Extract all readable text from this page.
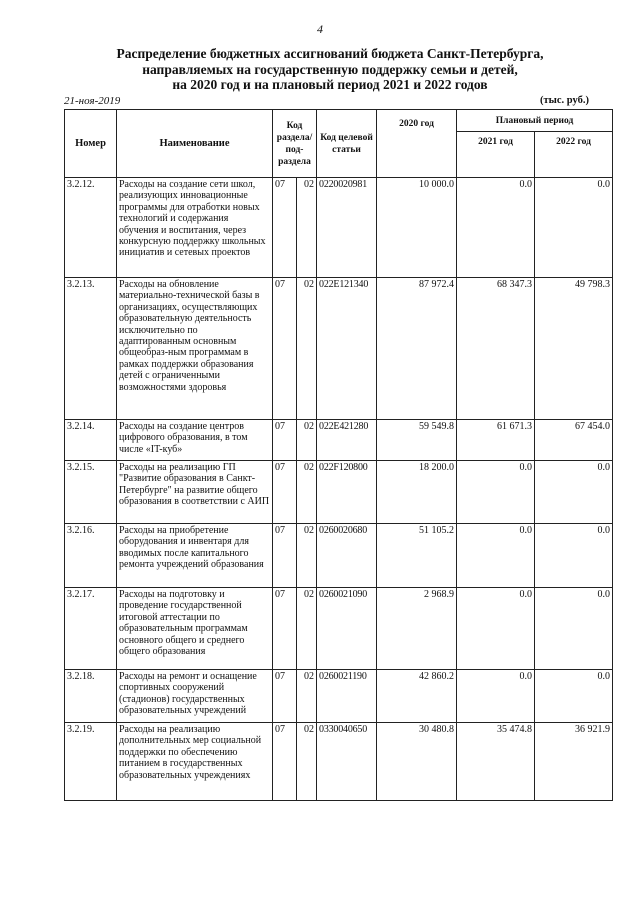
4
Распределение бюджетных ассигнований бюджета Санкт-Петербурга,
направляемых на государственную поддержку семьи и детей,
на 2020 год и на плановый период 2021 и 2022 годов
21-ноя-2019	(тыс. руб.)
Номер	Наименование	Код раздела/ под-раздела		Код целевой статьи	2020 год	Плановый период	
						2021 год	2022 год
3.2.12.	Расходы на создание сети школ, реализующих инновационные программы для отработки новых технологий и содержания обучения и воспитания, через конкурсную поддержку школьных инициатив и сетевых проектов	07	02	0220020981	10 000.0	0.0	0.0
3.2.13.	Расходы на обновление материально-технической базы в организациях, осуществляющих образовательную деятельность исключительно по адаптированным основным общеобраз-ным программам в рамках поддержки образования детей с ограниченными возможностями здоровья	07	02	022E121340	87 972.4	68 347.3	49 798.3
3.2.14.	Расходы на создание центров цифрового образования, в том числе «IT-куб»	07	02	022E421280	59 549.8	61 671.3	67 454.0
3.2.15.	Расходы на реализацию ГП "Развитие образования в Санкт-Петербурге" на развитие общего образования в соответствии с АИП	07	02	022F120800	18 200.0	0.0	0.0
3.2.16.	Расходы на приобретение оборудования и инвентаря для вводимых после капитального ремонта учреждений образования	07	02	0260020680	51 105.2	0.0	0.0
3.2.17.	Расходы на подготовку и проведение государственной итоговой аттестации по образовательным программам основного общего и среднего общего образования	07	02	0260021090	2 968.9	0.0	0.0
3.2.18.	Расходы на ремонт и оснащение спортивных сооружений (стадионов) государственных образовательных учреждений	07	02	0260021190	42 860.2	0.0	0.0
3.2.19.	Расходы на реализацию дополнительных мер социальной поддержки по обеспечению питанием в государственных образовательных учреждениях	07	02	0330040650	30 480.8	35 474.8	36 921.9
